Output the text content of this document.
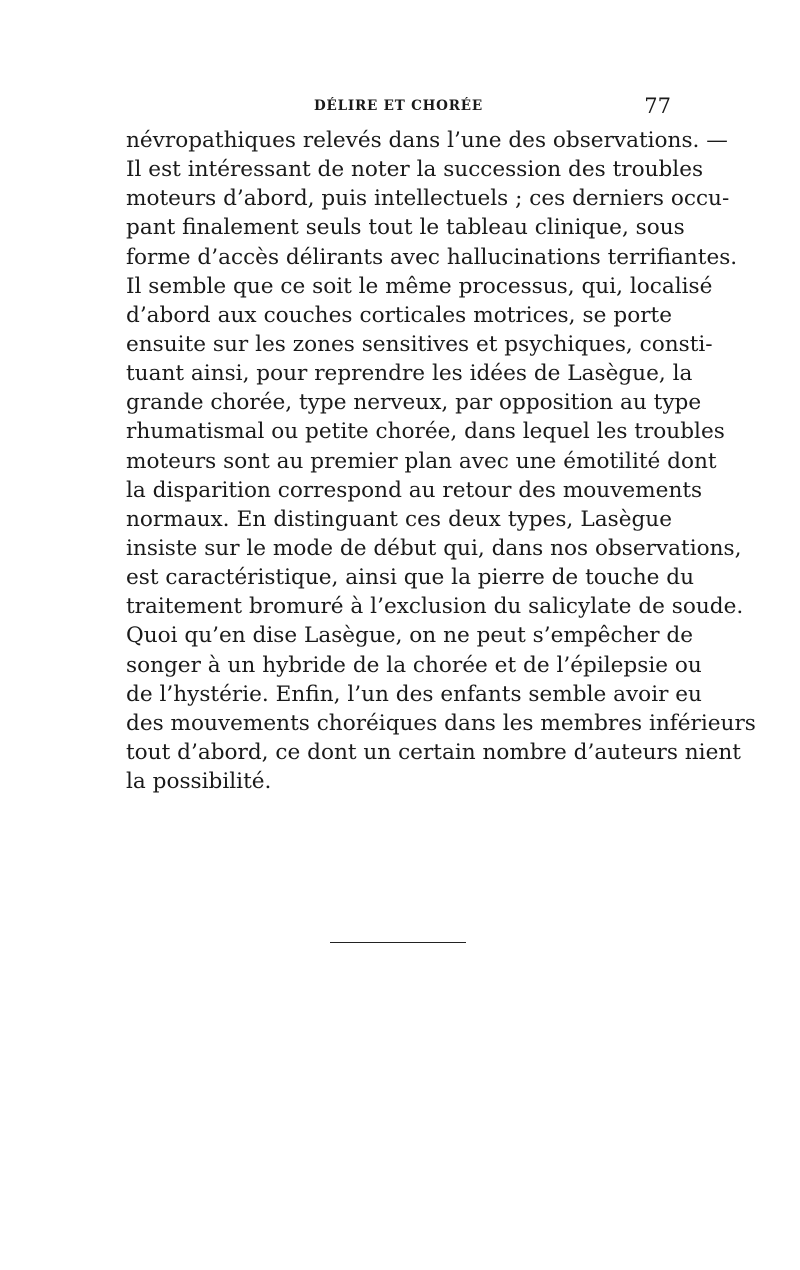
DÉLIRE ET CHORÉE	77
névropathiques relevés dans l’une des observations. —
Il est intéressant de noter la succession des troubles
moteurs d’abord, puis intellectuels ; ces derniers occu-
pant finalement seuls tout le tableau clinique, sous
forme d’accès délirants avec hallucinations terrifiantes.
Il semble que ce soit le même processus, qui, localisé
d’abord aux couches corticales motrices, se porte
ensuite sur les zones sensitives et psychiques, consti-
tuant ainsi, pour reprendre les idées de Lasègue, la
grande chorée, type nerveux, par opposition au type
rhumatismal ou petite chorée, dans lequel les troubles
moteurs sont au premier plan avec une émotilité dont
la disparition correspond au retour des mouvements
normaux. En distinguant ces deux types, Lasègue
insiste sur le mode de début qui, dans nos observations,
est caractéristique, ainsi que la pierre de touche du
traitement bromuré à l’exclusion du salicylate de soude.
Quoi qu’en dise Lasègue, on ne peut s’empêcher de
songer à un hybride de la chorée et de l’épilepsie ou
de l’hystérie. Enfin, l’un des enfants semble avoir eu
des mouvements choréiques dans les membres inférieurs
tout d’abord, ce dont un certain nombre d’auteurs nient
la possibilité.
